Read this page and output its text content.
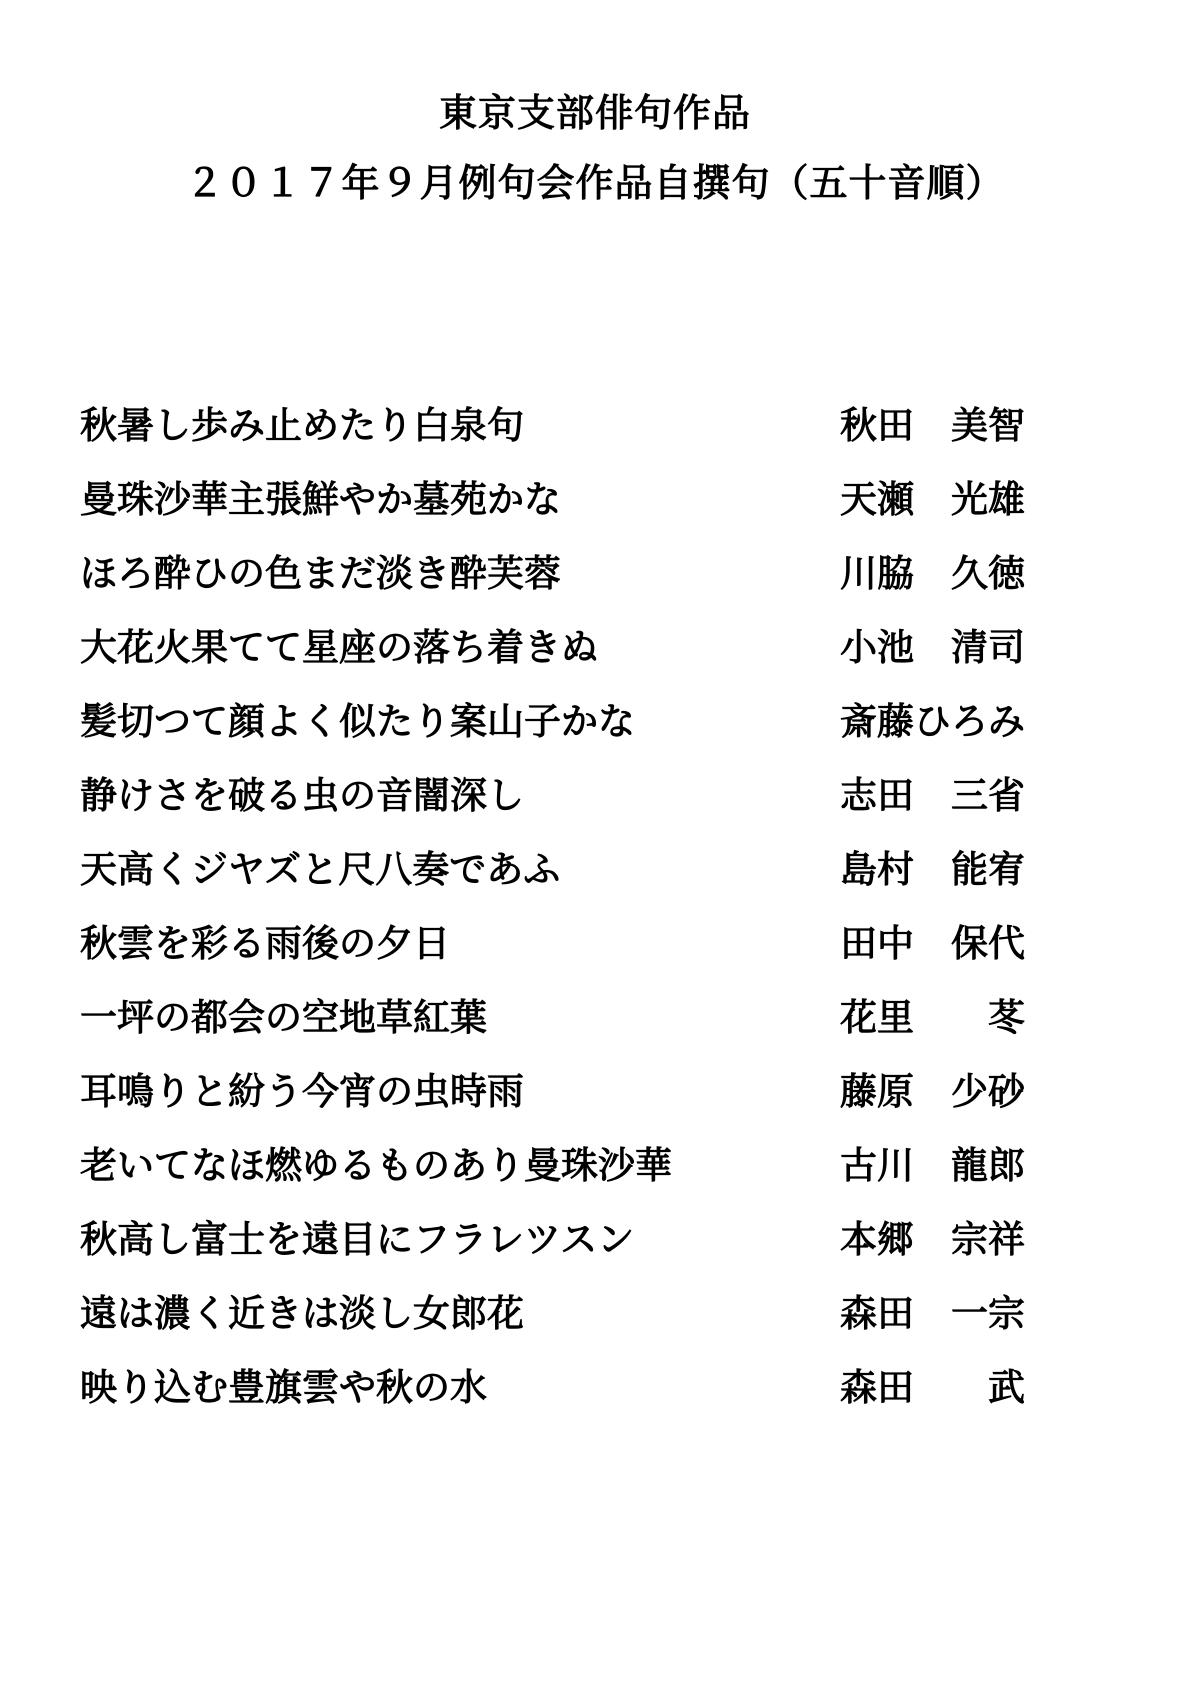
東京支部俳句作品
２０１７年９月例句会作品自撰句（五十音順）
秋暑し歩み止めたり白泉句	秋田　美智
曼珠沙華主張鮮やか墓苑かな	天瀬　光雄
ほろ酔ひの色まだ淡き酔芙蓉	川脇　久徳
大花火果てて星座の落ち着きぬ	小池　清司
髪切つて顔よく似たり案山子かな	斎藤ひろみ
静けさを破る虫の音闇深し	志田　三省
天高くジヤズと尺八奏であふ	島村　能宥
秋雲を彩る雨後の夕日	田中　保代
一坪の都会の空地草紅葉	花里　　苳
耳鳴りと紛う今宵の虫時雨	藤原　少砂
老いてなほ燃ゆるものあり曼珠沙華	古川　龍郎
秋高し富士を遠目にフラレツスン	本郷　宗祥
遠は濃く近きは淡し女郎花	森田　一宗
映り込む豊旗雲や秋の水	森田　　武
